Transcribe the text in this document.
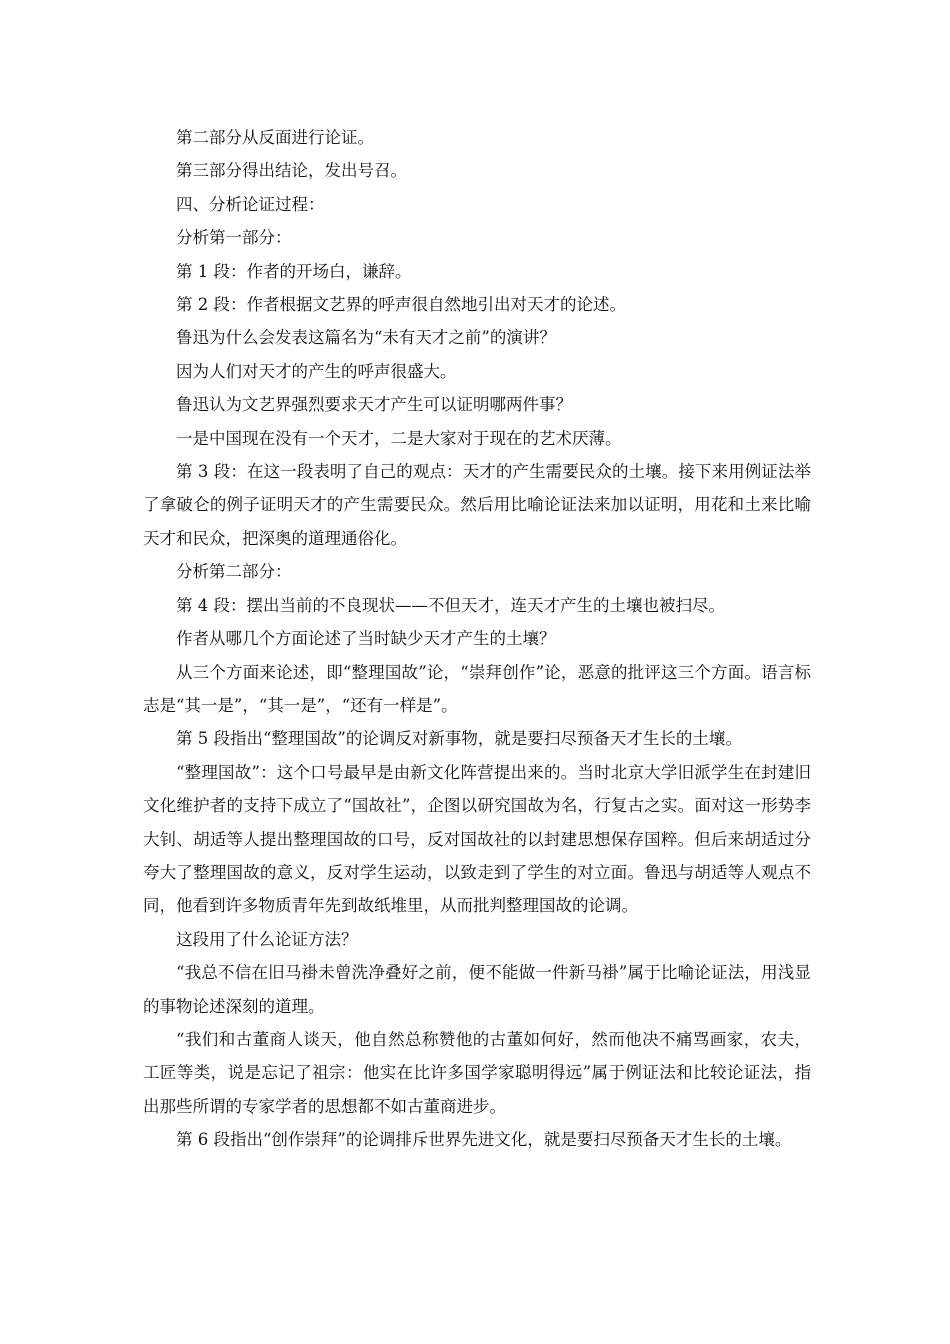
第二部分从反面进行论证。

第三部分得出结论，发出号召。

四、分析论证过程：

分析第一部分：

第 1 段：作者的开场白，谦辞。

第 2 段：作者根据文艺界的呼声很自然地引出对天才的论述。

鲁迅为什么会发表这篇名为“未有天才之前”的演讲？

因为人们对天才的产生的呼声很盛大。

鲁迅认为文艺界强烈要求天才产生可以证明哪两件事？

一是中国现在没有一个天才，二是大家对于现在的艺术厌薄。

第 3 段：在这一段表明了自己的观点：天才的产生需要民众的土壤。接下来用例证法举了拿破仑的例子证明天才的产生需要民众。然后用比喻论证法来加以证明，用花和土来比喻天才和民众，把深奥的道理通俗化。

分析第二部分：

第 4 段：摆出当前的不良现状——不但天才，连天才产生的土壤也被扫尽。

作者从哪几个方面论述了当时缺少天才产生的土壤？

从三个方面来论述，即“整理国故”论，“崇拜创作”论，恶意的批评这三个方面。语言标志是“其一是”，“其一是”，“还有一样是”。

第 5 段指出“整理国故”的论调反对新事物，就是要扫尽预备天才生长的土壤。

“整理国故”：这个口号最早是由新文化阵营提出来的。当时北京大学旧派学生在封建旧文化维护者的支持下成立了“国故社”，企图以研究国故为名，行复古之实。面对这一形势李大钊、胡适等人提出整理国故的口号，反对国故社的以封建思想保存国粹。但后来胡适过分夸大了整理国故的意义，反对学生运动，以致走到了学生的对立面。鲁迅与胡适等人观点不同，他看到许多物质青年先到故纸堆里，从而批判整理国故的论调。

这段用了什么论证方法？

“我总不信在旧马褂未曾洗净叠好之前，便不能做一件新马褂”属于比喻论证法，用浅显的事物论述深刻的道理。

“我们和古董商人谈天，他自然总称赞他的古董如何好，然而他决不痛骂画家，农夫，工匠等类，说是忘记了祖宗：他实在比许多国学家聪明得远”属于例证法和比较论证法，指出那些所谓的专家学者的思想都不如古董商进步。

第 6 段指出“创作崇拜”的论调排斥世界先进文化，就是要扫尽预备天才生长的土壤。
